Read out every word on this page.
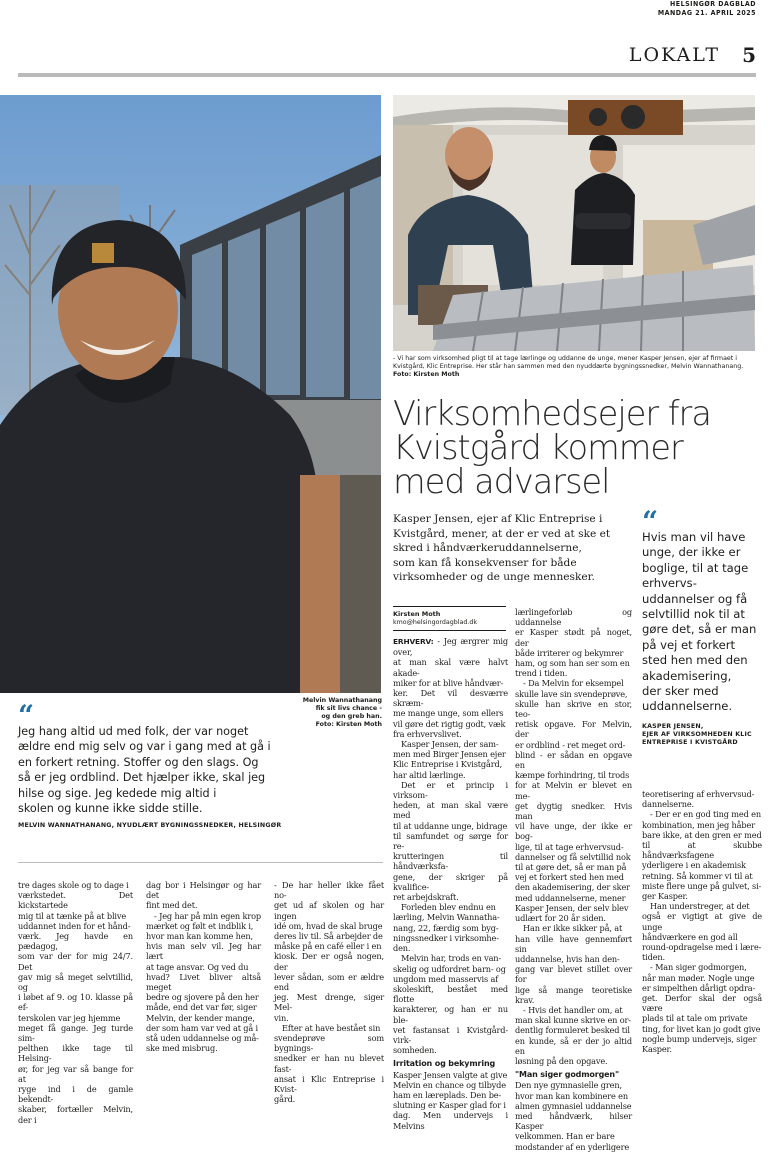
HELSINGØR DAGBLAD
MANDAG 21. APRIL 2025
LOKALT 5
Melvin Wannathanang
fik sit livs chance -
og den greb han.
Foto: Kirsten Moth
- Vi har som virksomhed pligt til at tage lærlinge og uddanne de unge, mener Kasper Jensen, ejer af firmaet i
Kvistgård, Klic Entreprise. Her står han sammen med den nyuddærte bygningssnedker, Melvin Wannathanang.
Foto: Kirsten Moth
Virksomhedsejer fra
Kvistgård kommer
med advarsel
Kasper Jensen, ejer af Klic Entreprise i
Kvistgård, mener, at der er ved at ske et
skred i håndværkeruddannelserne,
som kan få konsekvenser for både
virksomheder og de unge mennesker.
“
Hvis man vil have
unge, der ikke er
boglige, til at tage
erhvervs-
uddannelser og få
selvtillid nok til at
gøre det, så er man
på vej et forkert
sted hen med den
akademisering,
der sker med
uddannelserne.
KASPER JENSEN,
EJER AF VIRKSOMHEDEN KLIC
ENTREPRISE I KVISTGÅRD
Kirsten Moth
kmo@helsingordagblad.dk

ERHVERV: - Jeg ærgrer mig over,

at man skal være halvt akade-
miker for at blive håndvær-
ker. Det vil desværre skræm-
me mange unge, som ellers
vil gøre det rigtig godt, væk
fra erhvervslivet.

Kasper Jensen, der sam-

men med Birger Jensen ejer
Klic Entreprise i Kvistgård,
har altid lærlinge.

Det er et princip i virksom-

heden, at man skal være med
til at uddanne unge, bidrage
til samfundet og sørge for re-
krutteringen til håndværksfa-
gene, der skriger på kvalifice-
ret arbejdskraft.

Forleden blev endnu en

lærling, Melvin Wannatha-
nang, 22, færdig som byg-
ningssnedker i virksomhe-
den.

Melvin har, trods en van-

skelig og udfordret barn- og
ungdom med masservis af
skoleskift, bestået med flotte
karakterer, og han er nu ble-
vet fastansat i Kvistgård-virk-
somheden.
Irritation og bekymring
Kasper Jensen valgte at give
Melvin en chance og tilbyde
ham en læreplads. Den be-
slutning er Kasper glad for i
dag. Men undervejs i Melvins
lærlingeforløb og uddannelse
er Kasper stødt på noget, der
både irriterer og bekymrer
ham, og som han ser som en
trend i tiden.

- Da Melvin for eksempel

skulle lave sin svendeprøve,
skulle han skrive en stor, teo-
retisk opgave. For Melvin, der
er ordblind - ret meget ord-
blind - er sådan en opgave en
kæmpe forhindring, til trods
for at Melvin er blevet en me-
get dygtig snedker. Hvis man
vil have unge, der ikke er bog-
lige, til at tage erhvervsud-
dannelser og få selvtillid nok
til at gøre det, så er man på
vej et forkert sted hen med
den akademisering, der sker
med uddannelserne, mener
Kasper Jensen, der selv blev
udlært for 20 år siden.

Han er ikke sikker på, at

han ville have gennemført sin
uddannelse, hvis han den-
gang var blevet stillet over for
lige så mange teoretiske krav.

- Hvis det handler om, at

man skal kunne skrive en or-
dentlig formuleret besked til
en kunde, så er der jo altid en
løsning på den opgave.
"Man siger godmorgen"
Den nye gymnasielle gren,
hvor man kan kombinere en
almen gymnasiel uddannelse
med håndværk, hilser Kasper
velkommen. Han er bare
modstander af en yderligere
teoretisering af erhvervsud-
dannelserne.

- Der er en god ting med en

kombination, men jeg håber
bare ikke, at den gren er med
til at skubbe håndværksfagene
yderligere i en akademisk
retning. Så kommer vi til at
miste flere unge på gulvet, si-
ger Kasper.

Han understreger, at det

også er vigtigt at give de unge
håndværkere en god all
round-opdragelse med i lære-
tiden.

- Man siger godmorgen,

når man møder. Nogle unge
er simpelthen dårligt opdra-
get. Derfor skal der også være
plads til at tale om private
ting, for livet kan jo godt give
nogle bump undervejs, siger
Kasper.
“
Jeg hang altid ud med folk, der var noget
ældre end mig selv og var i gang med at gå i
en forkert retning. Stoffer og den slags. Og
så er jeg ordblind. Det hjælper ikke, skal jeg
hilse og sige. Jeg kedede mig altid i
skolen og kunne ikke sidde stille.
MELVIN WANNATHANANG, NYUDLÆRT BYGNINGSSNEDKER, HELSINGØR
tre dages skole og to dage i
værkstedet. Det kickstartede
mig til at tænke på at blive
uddannet inden for et hånd-
værk. Jeg havde en pædagog,
som var der for mig 24/7. Det
gav mig så meget selvtillid, og
i løbet af 9. og 10. klasse på ef-
terskolen var jeg hjemme
meget få gange. Jeg turde sim-
pelthen ikke tage til Helsing-
ør, for jeg var så bange for at
ryge ind i de gamle bekendt-
skaber, fortæller Melvin, der i
dag bor i Helsingør og har det
fint med det.

- Jeg har på min egen krop

mærket og følt et indblik i,
hvor man kan komme hen,
hvis man selv vil. Jeg har lært
at tage ansvar. Og ved du
hvad? Livet bliver altså meget
bedre og sjovere på den her
måde, end det var før, siger
Melvin, der kender mange,
der som ham var ved at gå i
stå uden uddannelse og må-
ske med misbrug.
- De har heller ikke fået no-
get ud af skolen og har ingen
idé om, hvad de skal bruge
deres liv til. Så arbejder de
måske på en café eller i en
kiosk. Der er også nogen, der
lever sådan, som er ældre end
jeg. Mest drenge, siger Mel-
vin.

Efter at have bestået sin

svendeprøve som bygnings-
snedker er han nu blevet fast-
ansat i Klic Entreprise i Kvist-
gård.
